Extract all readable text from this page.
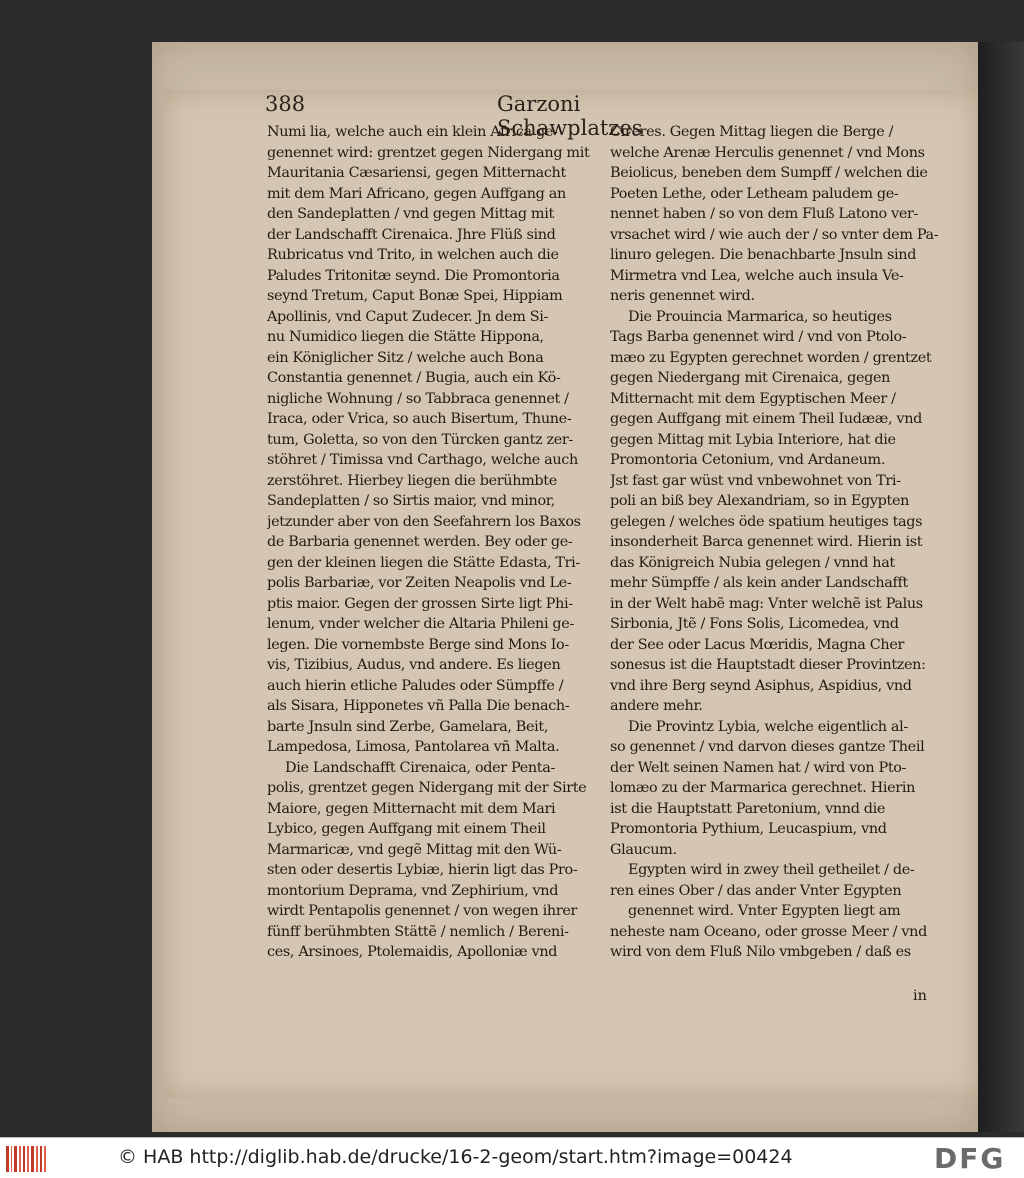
388	Garzoni Schawplatzes
Numi lia, welche auch ein klein Africa ge-
genennet wird: grentzet gegen Nidergang mit
Mauritania Cæsariensi, gegen Mitternacht
mit dem Mari Africano, gegen Auffgang an
den Sandeplatten / vnd gegen Mittag mit
der Landschafft Cirenaica. Jhre Flüß sind
Rubricatus vnd Trito, in welchen auch die
Paludes Tritonitæ seynd. Die Promontoria
seynd Tretum, Caput Bonæ Spei, Hippiam
Apollinis, vnd Caput Zudecer. Jn dem Si-
nu Numidico liegen die Stätte Hippona,
ein Königlicher Sitz / welche auch Bona
Constantia genennet / Bugia, auch ein Kö-
nigliche Wohnung / so Tabbraca genennet /
Iraca, oder Vrica, so auch Bisertum, Thune-
tum, Goletta, so von den Türcken gantz zer-
stöhret / Timissa vnd Carthago, welche auch
zerstöhret. Hierbey liegen die berühmbte
Sandeplatten / so Sirtis maior, vnd minor,
jetzunder aber von den Seefahrern los Baxos
de Barbaria genennet werden. Bey oder ge-
gen der kleinen liegen die Stätte Edasta, Tri-
polis Barbariæ, vor Zeiten Neapolis vnd Le-
ptis maior. Gegen der grossen Sirte ligt Phi-
lenum, vnder welcher die Altaria Phileni ge-
legen. Die vornembste Berge sind Mons Io-
vis, Tizibius, Audus, vnd andere. Es liegen
auch hierin etliche Paludes oder Sümpffe /
als Sisara, Hipponetes vñ Palla Die benach-
barte Jnsuln sind Zerbe, Gamelara, Beit,
Lampedosa, Limosa, Pantolarea vñ Malta.
Die Landschafft Cirenaica, oder Penta-
polis, grentzet gegen Nidergang mit der Sirte
Maiore, gegen Mitternacht mit dem Mari
Lybico, gegen Auffgang mit einem Theil
Marmaricæ, vnd gegẽ Mittag mit den Wü-
sten oder desertis Lybiæ, hierin ligt das Pro-
montorium Deprama, vnd Zephirium, vnd
wirdt Pentapolis genennet / von wegen ihrer
fünff berühmbten Stättẽ / nemlich / Bereni-
ces, Arsinoes, Ptolemaidis, Apolloniæ vnd
Cireres. Gegen Mittag liegen die Berge /
welche Arenæ Herculis genennet / vnd Mons
Beiolicus, beneben dem Sumpff / welchen die
Poeten Lethe, oder Letheam paludem ge-
nennet haben / so von dem Fluß Latono ver-
vrsachet wird / wie auch der / so vnter dem Pa-
linuro gelegen. Die benachbarte Jnsuln sind
Mirmetra vnd Lea, welche auch insula Ve-
neris genennet wird.
Die Prouincia Marmarica, so heutiges
Tags Barba genennet wird / vnd von Ptolo-
mæo zu Egypten gerechnet worden / grentzet
gegen Niedergang mit Cirenaica, gegen
Mitternacht mit dem Egyptischen Meer /
gegen Auffgang mit einem Theil Iudææ, vnd
gegen Mittag mit Lybia Interiore, hat die
Promontoria Cetonium, vnd Ardaneum.
Jst fast gar wüst vnd vnbewohnet von Tri-
poli an biß bey Alexandriam, so in Egypten
gelegen / welches öde spatium heutiges tags
insonderheit Barca genennet wird. Hierin ist
das Königreich Nubia gelegen / vnnd hat
mehr Sümpffe / als kein ander Landschafft
in der Welt habẽ mag: Vnter welchẽ ist Palus
Sirbonia, Jtẽ / Fons Solis, Licomedea, vnd
der See oder Lacus Mœridis, Magna Cher
sonesus ist die Hauptstadt dieser Provintzen:
vnd ihre Berg seynd Asiphus, Aspidius, vnd
andere mehr.
Die Provintz Lybia, welche eigentlich al-
so genennet / vnd darvon dieses gantze Theil
der Welt seinen Namen hat / wird von Pto-
lomæo zu der Marmarica gerechnet. Hierin
ist die Hauptstatt Paretonium, vnnd die
Promontoria Pythium, Leucaspium, vnd
Glaucum.
Egypten wird in zwey theil getheilet / de-
ren eines Ober / das ander Vnter Egypten
genennet wird. Vnter Egypten liegt am
neheste nam Oceano, oder grosse Meer / vnd
wird von dem Fluß Nilo vmbgeben / daß es
in
© HAB http://diglib.hab.de/drucke/16-2-geom/start.htm?image=00424	DFG
